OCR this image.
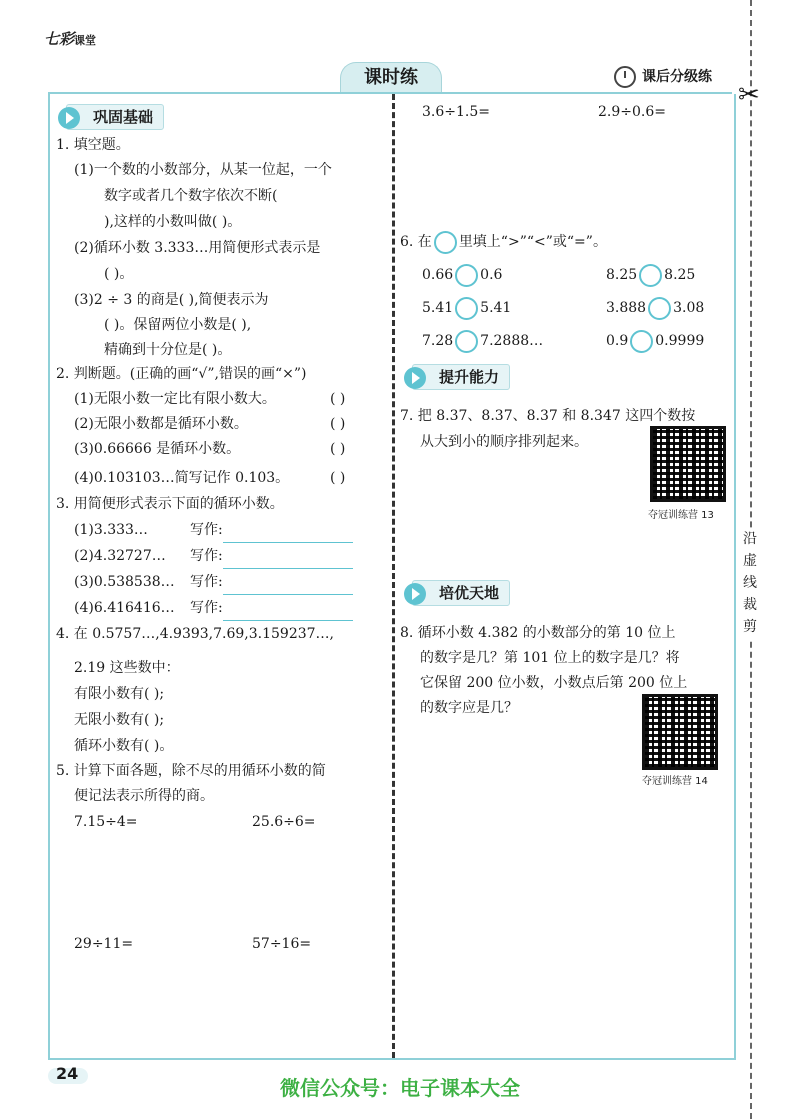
七彩课堂
课时练	课后分级练
✂
沿虚线裁剪
巩固基础
1. 填空题。
(1)一个数的小数部分，从某一位起，一个
数字或者几个数字依次不断(
),这样的小数叫做( )。
(2)循环小数 3.333…用简便形式表示是
( )。
(3)2 ÷ 3 的商是( ),简便表示为
( )。保留两位小数是( ),
精确到十分位是( )。
2. 判断题。(正确的画“√”,错误的画“×”)
(1)无限小数一定比有限小数大。	( )
(2)无限小数都是循环小数。	( )
(3)0.66666 是循环小数。	( )
(4)0.103103…简写记作 0.103。	( )
3. 用简便形式表示下面的循环小数。
(1)3.333…	写作:
(2)4.32727… 写作:
(3)0.538538… 写作:
(4)6.416416… 写作:
4. 在 0.5757…,4.9393,7.69,3.159237…,
2.19 这些数中：
有限小数有( );
无限小数有( );
循环小数有( )。
5. 计算下面各题，除不尽的用循环小数的简
便记法表示所得的商。
7.15÷4=	25.6÷6=
29÷11=	57÷16=
3.6÷1.5=	2.9÷0.6=
6. 在 里填上“>”“<”或“=”。
0.66 0.6	8.25 8.25
5.41 5.41	3.888 3.08
7.28 7.2888…	0.9 0.9999
提升能力
7. 把 8.37、8.37、8.37 和 8.347 这四个数按
从大到小的顺序排列起来。
夺冠训练营 13
培优天地
8. 循环小数 4.382 的小数部分的第 10 位上
的数字是几？第 101 位上的数字是几？将
它保留 200 位小数，小数点后第 200 位上
的数字应是几？
夺冠训练营 14
24
微信公众号：电子课本大全
